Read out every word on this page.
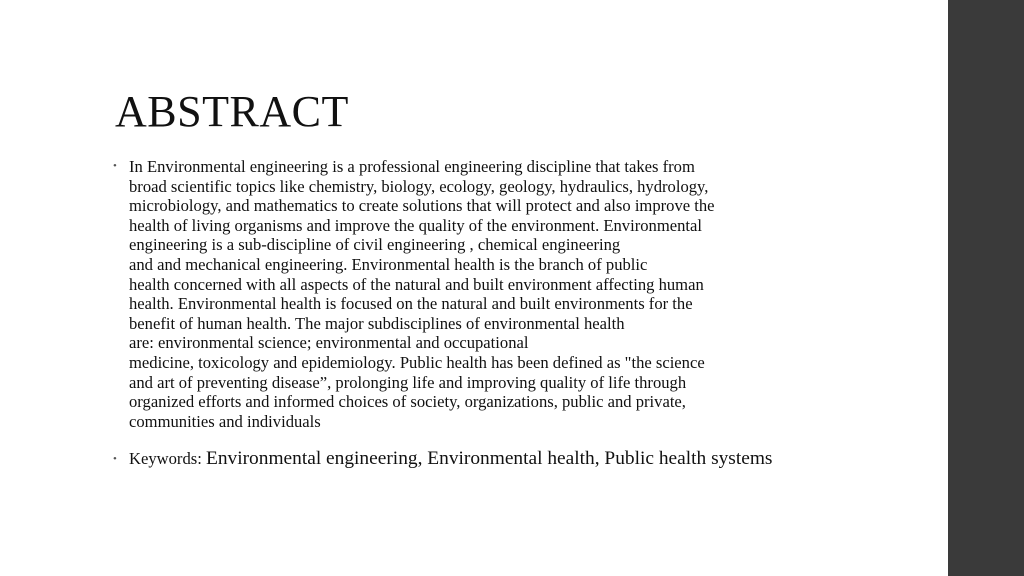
ABSTRACT
• In Environmental engineering is a professional engineering discipline that takes from
broad scientific topics like chemistry, biology, ecology, geology, hydraulics, hydrology,
microbiology, and mathematics to create solutions that will protect and also improve the
health of living organisms and improve the quality of the environment. Environmental
engineering is a sub-discipline of civil engineering , chemical engineering
and and mechanical engineering. Environmental health is the branch of public
health concerned with all aspects of the natural and built environment affecting human
health. Environmental health is focused on the natural and built environments for the
benefit of human health. The major subdisciplines of environmental health
are: environmental science; environmental and occupational
medicine, toxicology and epidemiology. Public health has been defined as "the science
and art of preventing disease”, prolonging life and improving quality of life through
organized efforts and informed choices of society, organizations, public and private,
communities and individuals
• Keywords: Environmental engineering, Environmental health, Public health systems
